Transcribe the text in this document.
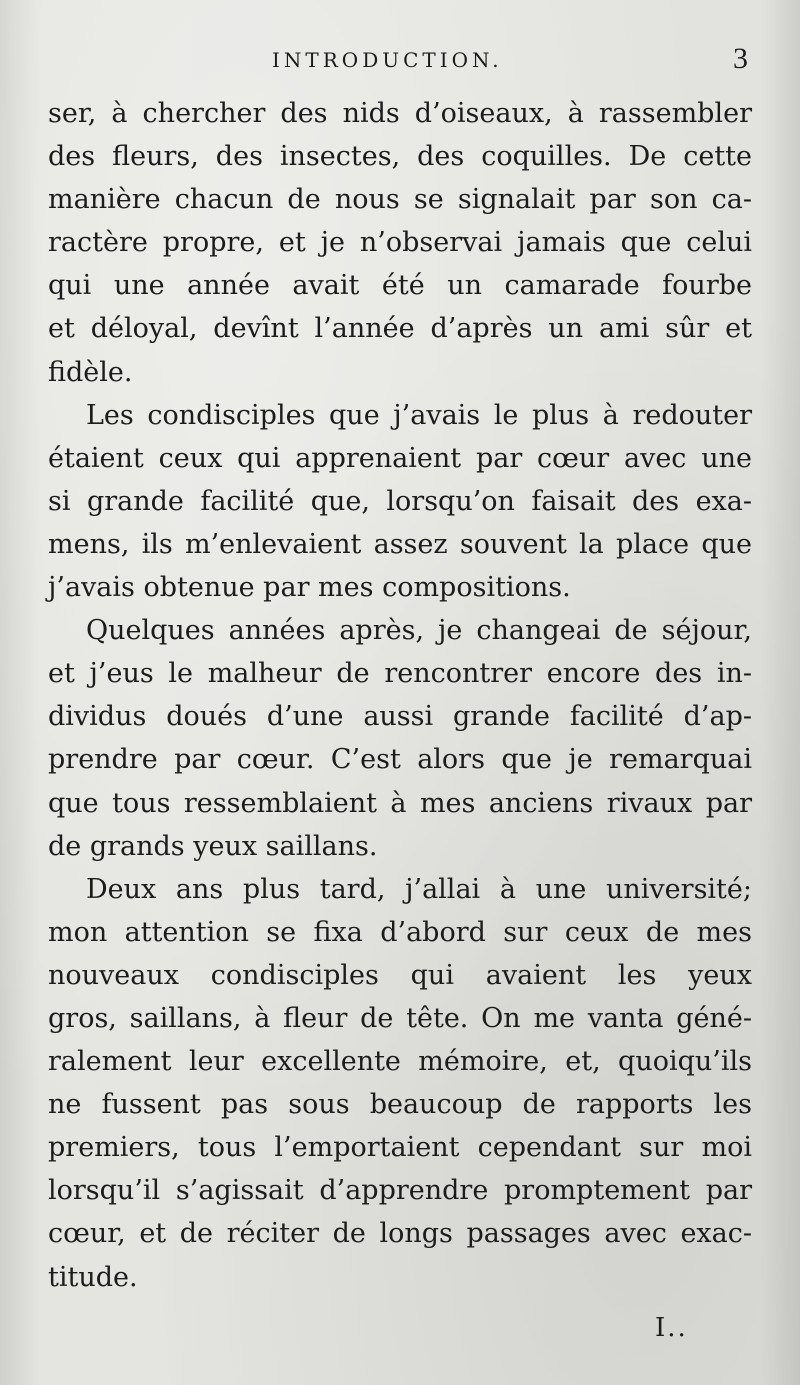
INTRODUCTION.	3
ser, à chercher des nids d’oiseaux, à rassembler
des fleurs, des insectes, des coquilles. De cette
manière chacun de nous se signalait par son ca-
ractère propre, et je n’observai jamais que celui
qui une année avait été un camarade fourbe
et déloyal, devînt l’année d’après un ami sûr et
fidèle.
Les condisciples que j’avais le plus à redouter
étaient ceux qui apprenaient par cœur avec une
si grande facilité que, lorsqu’on faisait des exa-
mens, ils m’enlevaient assez souvent la place que
j’avais obtenue par mes compositions.
Quelques années après, je changeai de séjour,
et j’eus le malheur de rencontrer encore des in-
dividus doués d’une aussi grande facilité d’ap-
prendre par cœur. C’est alors que je remarquai
que tous ressemblaient à mes anciens rivaux par
de grands yeux saillans.
Deux ans plus tard, j’allai à une université;
mon attention se fixa d’abord sur ceux de mes
nouveaux condisciples qui avaient les yeux
gros, saillans, à fleur de tête. On me vanta géné-
ralement leur excellente mémoire, et, quoiqu’ils
ne fussent pas sous beaucoup de rapports les
premiers, tous l’emportaient cependant sur moi
lorsqu’il s’agissait d’apprendre promptement par
cœur, et de réciter de longs passages avec exac-
titude.
I..
